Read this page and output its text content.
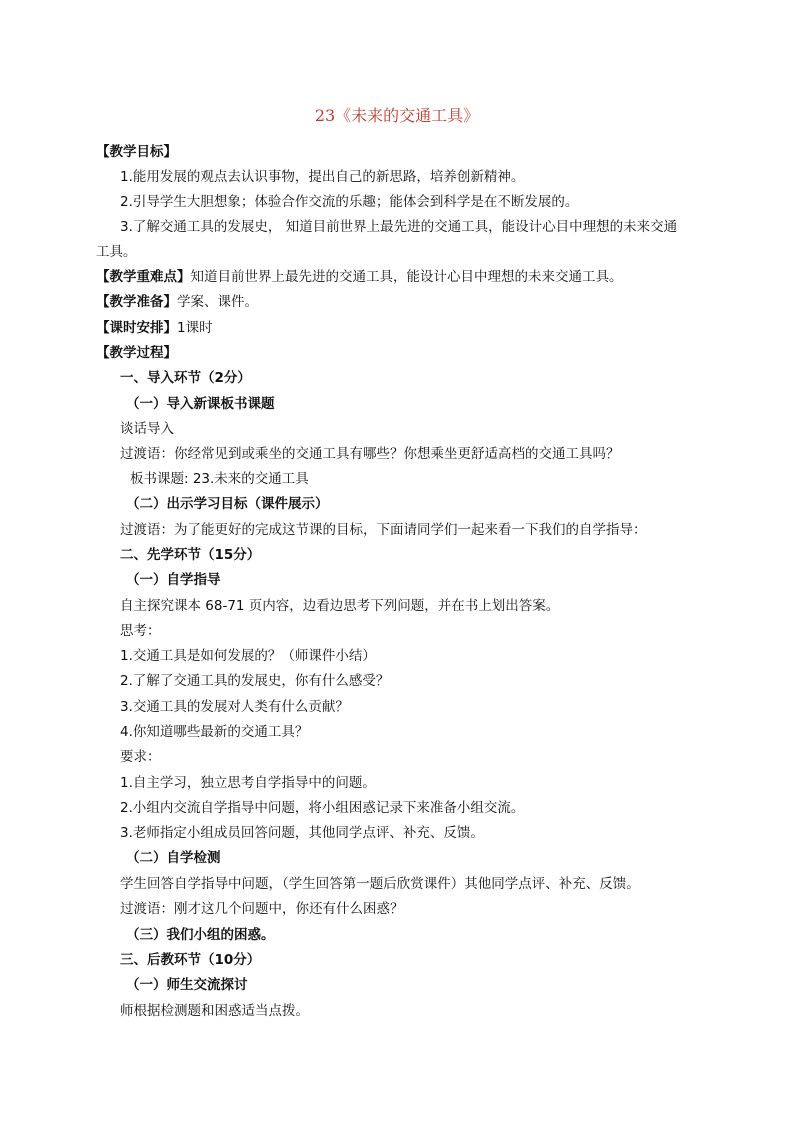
23《未来的交通工具》
【教学目标】
1.能用发展的观点去认识事物，提出自己的新思路，培养创新精神。
2.引导学生大胆想象；体验合作交流的乐趣；能体会到科学是在不断发展的。
3.了解交通工具的发展史， 知道目前世界上最先进的交通工具，能设计心目中理想的未来交通
工具。
【教学重难点】知道目前世界上最先进的交通工具，能设计心目中理想的未来交通工具。
【教学准备】学案、课件。
【课时安排】1课时
【教学过程】
一、导入环节（2分）
（一）导入新课板书课题
谈话导入
过渡语：你经常见到或乘坐的交通工具有哪些？你想乘坐更舒适高档的交通工具吗？
板书课题: 23.未来的交通工具
（二）出示学习目标（课件展示）
过渡语：为了能更好的完成这节课的目标，下面请同学们一起来看一下我们的自学指导：
二、先学环节（15分）
（一）自学指导
自主探究课本 68-71 页内容，边看边思考下列问题，并在书上划出答案。
思考：
1.交通工具是如何发展的？（师课件小结）
2.了解了交通工具的发展史，你有什么感受？
3.交通工具的发展对人类有什么贡献？
4.你知道哪些最新的交通工具？
要求：
1.自主学习，独立思考自学指导中的问题。
2.小组内交流自学指导中问题，将小组困惑记录下来准备小组交流。
3.老师指定小组成员回答问题，其他同学点评、补充、反馈。
（二）自学检测
学生回答自学指导中问题，（学生回答第一题后欣赏课件）其他同学点评、补充、反馈。
过渡语：刚才这几个问题中，你还有什么困惑？
（三）我们小组的困惑。
三、后教环节（10分）
（一）师生交流探讨
师根据检测题和困惑适当点拨。
